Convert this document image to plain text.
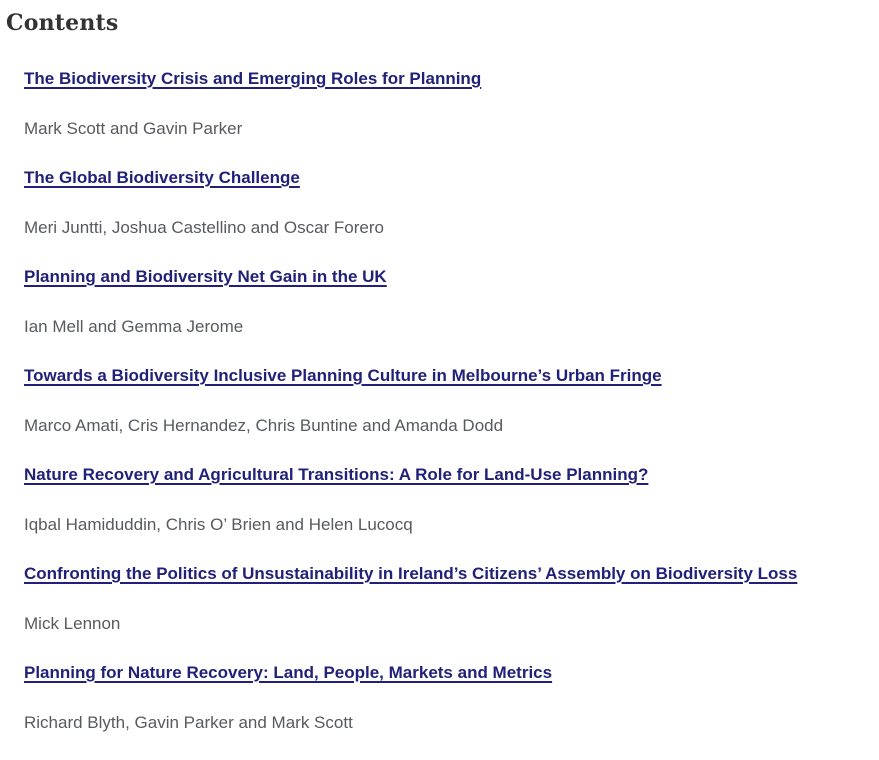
Contents

The Biodiversity Crisis and Emerging Roles for Planning

Mark Scott and Gavin Parker

The Global Biodiversity Challenge

Meri Juntti, Joshua Castellino and Oscar Forero

Planning and Biodiversity Net Gain in the UK

Ian Mell and Gemma Jerome

Towards a Biodiversity Inclusive Planning Culture in Melbourne’s Urban Fringe

Marco Amati, Cris Hernandez, Chris Buntine and Amanda Dodd

Nature Recovery and Agricultural Transitions: A Role for Land-Use Planning?

Iqbal Hamiduddin, Chris O’ Brien and Helen Lucocq

Confronting the Politics of Unsustainability in Ireland’s Citizens’ Assembly on Biodiversity Loss

Mick Lennon

Planning for Nature Recovery: Land, People, Markets and Metrics

Richard Blyth, Gavin Parker and Mark Scott
